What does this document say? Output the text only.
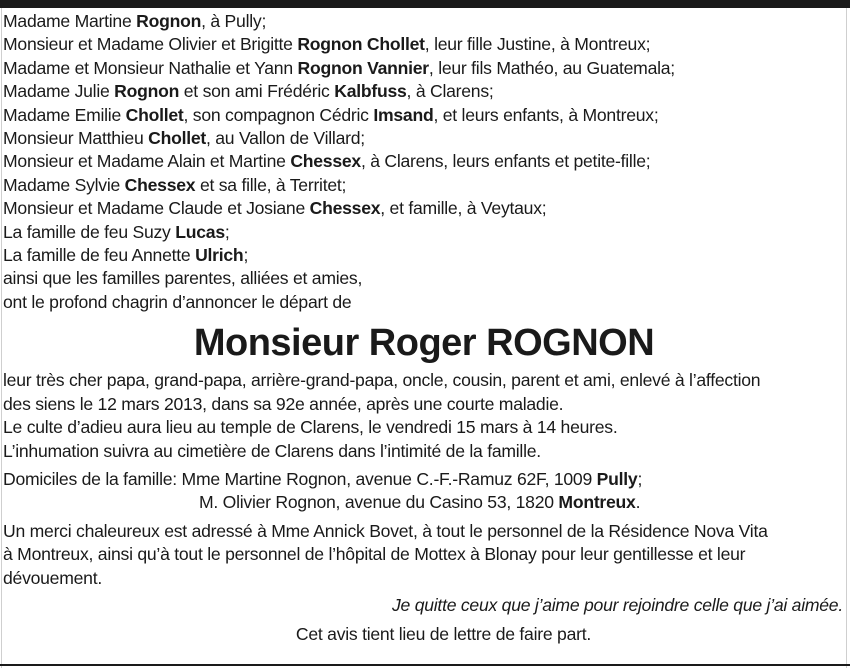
Madame Martine Rognon, à Pully;
Monsieur et Madame Olivier et Brigitte Rognon Chollet, leur fille Justine, à Montreux;
Madame et Monsieur Nathalie et Yann Rognon Vannier, leur fils Mathéo, au Guatemala;
Madame Julie Rognon et son ami Frédéric Kalbfuss, à Clarens;
Madame Emilie Chollet, son compagnon Cédric Imsand, et leurs enfants, à Montreux;
Monsieur Matthieu Chollet, au Vallon de Villard;
Monsieur et Madame Alain et Martine Chessex, à Clarens, leurs enfants et petite-fille;
Madame Sylvie Chessex et sa fille, à Territet;
Monsieur et Madame Claude et Josiane Chessex, et famille, à Veytaux;
La famille de feu Suzy Lucas;
La famille de feu Annette Ulrich;
ainsi que les familles parentes, alliées et amies,
ont le profond chagrin d’annoncer le départ de
Monsieur Roger ROGNON
leur très cher papa, grand-papa, arrière-grand-papa, oncle, cousin, parent et ami, enlevé à l’affection
des siens le 12 mars 2013, dans sa 92e année, après une courte maladie.
Le culte d’adieu aura lieu au temple de Clarens, le vendredi 15 mars à 14 heures.
L’inhumation suivra au cimetière de Clarens dans l’intimité de la famille.
Domiciles de la famille: Mme Martine Rognon, avenue C.-F.-Ramuz 62F, 1009 Pully;
M. Olivier Rognon, avenue du Casino 53, 1820 Montreux.
Un merci chaleureux est adressé à Mme Annick Bovet, à tout le personnel de la Résidence Nova Vita
à Montreux, ainsi qu’à tout le personnel de l’hôpital de Mottex à Blonay pour leur gentillesse et leur
dévouement.
Je quitte ceux que j’aime pour rejoindre celle que j’ai aimée.
Cet avis tient lieu de lettre de faire part.
